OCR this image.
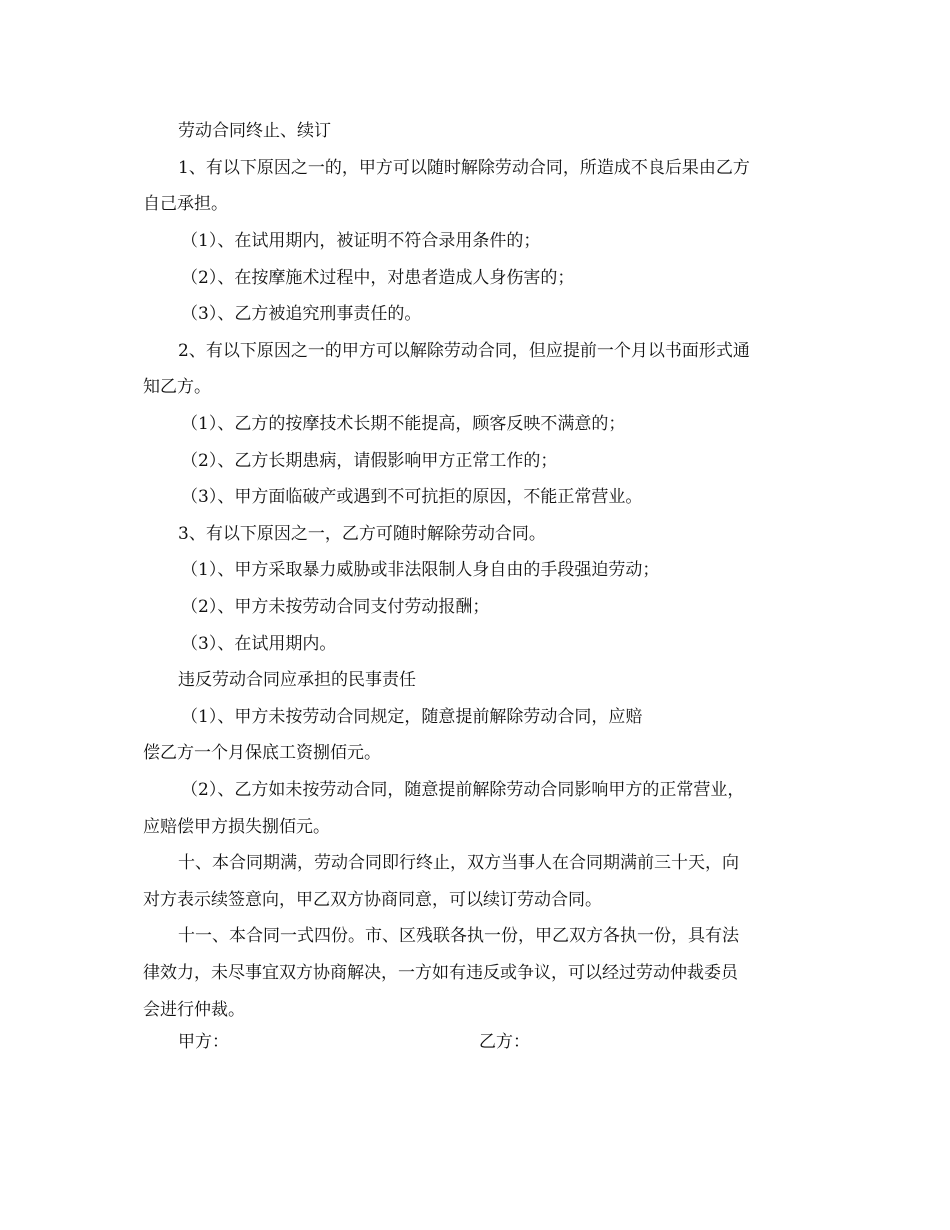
劳动合同终止、续订
1、有以下原因之一的，甲方可以随时解除劳动合同，所造成不良后果由乙方
自己承担。
（1）、在试用期内，被证明不符合录用条件的；
（2）、在按摩施术过程中，对患者造成人身伤害的；
（3）、乙方被追究刑事责任的。
2、有以下原因之一的甲方可以解除劳动合同，但应提前一个月以书面形式通
知乙方。
（1）、乙方的按摩技术长期不能提高，顾客反映不满意的；
（2）、乙方长期患病，请假影响甲方正常工作的；
（3）、甲方面临破产或遇到不可抗拒的原因，不能正常营业。
3、有以下原因之一，乙方可随时解除劳动合同。
（1）、甲方采取暴力威胁或非法限制人身自由的手段强迫劳动；
（2）、甲方未按劳动合同支付劳动报酬；
（3）、在试用期内。
违反劳动合同应承担的民事责任
（1）、甲方未按劳动合同规定，随意提前解除劳动合同，应赔
偿乙方一个月保底工资捌佰元。
（2）、乙方如未按劳动合同，随意提前解除劳动合同影响甲方的正常营业，
应赔偿甲方损失捌佰元。
十、本合同期满，劳动合同即行终止，双方当事人在合同期满前三十天，向
对方表示续签意向，甲乙双方协商同意，可以续订劳动合同。
十一、本合同一式四份。市、区残联各执一份，甲乙双方各执一份，具有法
律效力，未尽事宜双方协商解决，一方如有违反或争议，可以经过劳动仲裁委员
会进行仲裁。
甲方：	乙方：
